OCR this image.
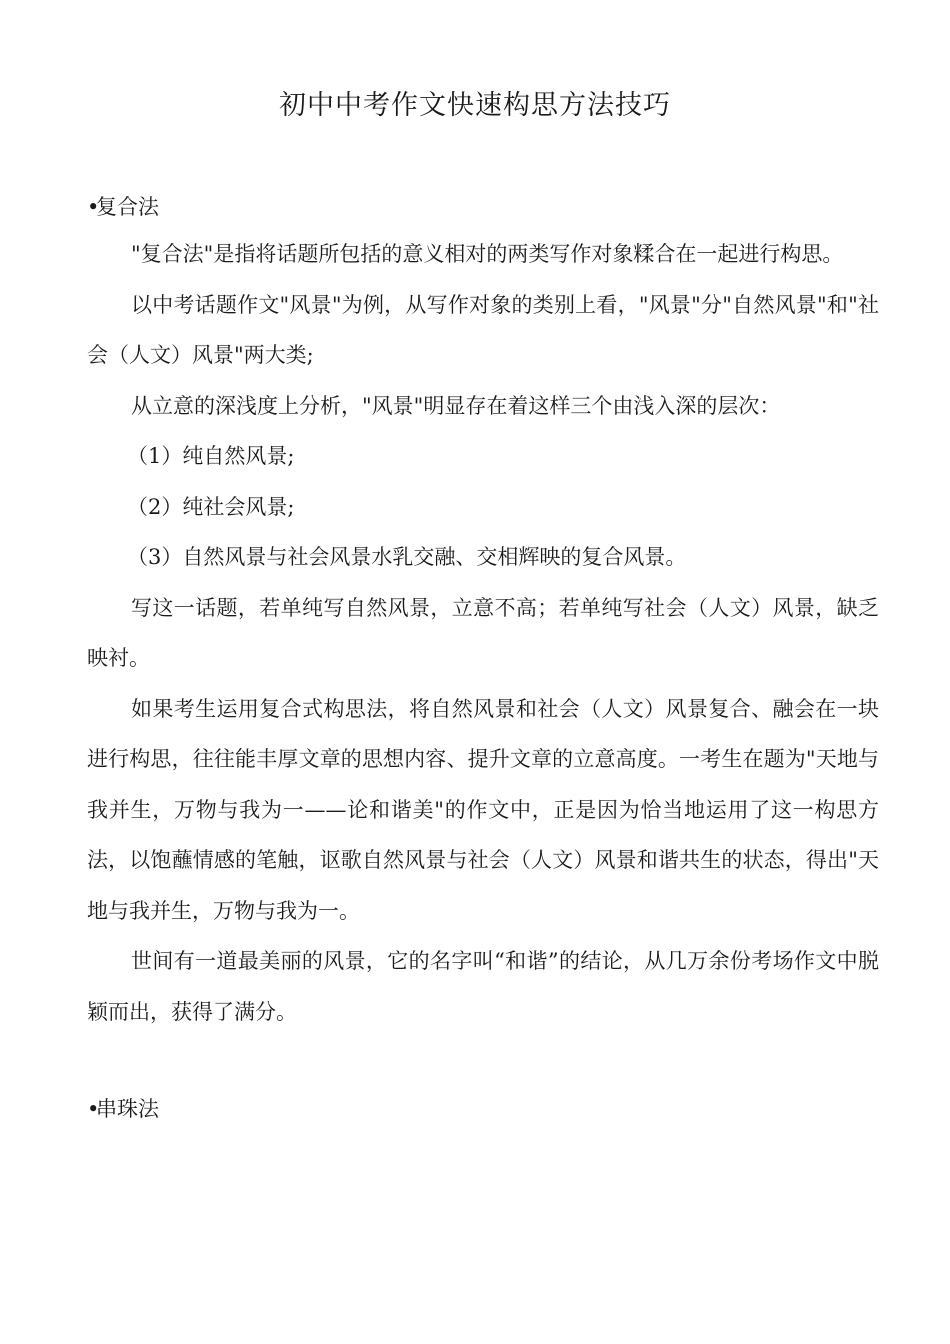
初中中考作文快速构思方法技巧
•复合法

"复合法"是指将话题所包括的意义相对的两类写作对象糅合在一起进行构思。

以中考话题作文"风景"为例，从写作对象的类别上看，"风景"分"自然风景"和"社会（人文）风景"两大类;

从立意的深浅度上分析，"风景"明显存在着这样三个由浅入深的层次：

（1）纯自然风景;

（2）纯社会风景;

（3）自然风景与社会风景水乳交融、交相辉映的复合风景。

写这一话题，若单纯写自然风景，立意不高；若单纯写社会（人文）风景，缺乏映衬。

如果考生运用复合式构思法，将自然风景和社会（人文）风景复合、融会在一块进行构思，往往能丰厚文章的思想内容、提升文章的立意高度。一考生在题为"天地与我并生，万物与我为一——论和谐美"的作文中，正是因为恰当地运用了这一构思方法，以饱蘸情感的笔触，讴歌自然风景与社会（人文）风景和谐共生的状态，得出"天地与我并生，万物与我为一。

世间有一道最美丽的风景，它的名字叫“和谐”的结论，从几万余份考场作文中脱颖而出，获得了满分。

•串珠法
